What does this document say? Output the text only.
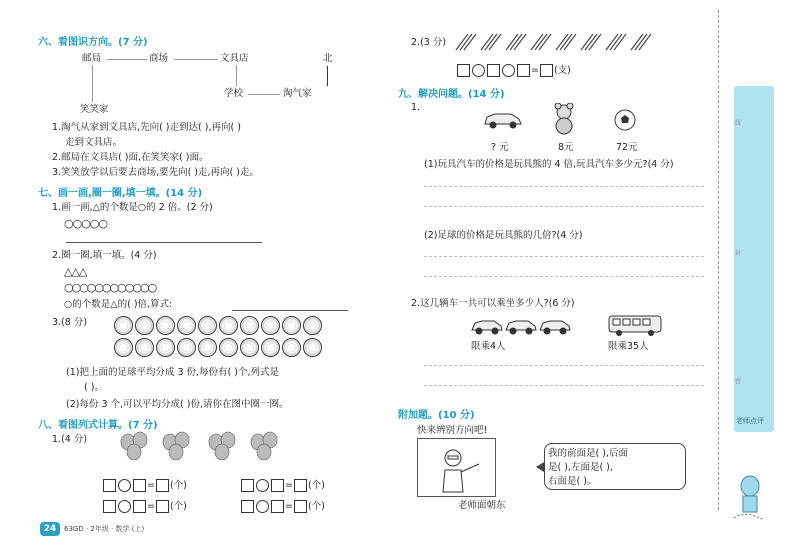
六、看图识方向。(7 分)
邮局	商场	文具店
学校	淘气家
笑笑家
北
1.淘气从家到文具店,先向( )走到达( ),再向( )
走到文具店。
2.邮局在文具店( )面,在笑笑家( )面。
3.笑笑放学以后要去商场,要先向( )走,再向( )走。
七、画一画,圈一圈,填一填。(14 分)
1.画一画,△的个数是○的 2 倍。(2 分)
○○○○○
2.圈一圈,填一填。(4 分)
△△△
○○○○○○○○○○○○
○的个数是△的( )倍,算式:
3.(8 分)
(1)把上面的足球平均分成 3 份,每份有( )个,列式是
( )。
(2)每份 3 个,可以平均分成( )份,请你在图中圈一圈。
八、看图列式计算。(7 分)
1.(4 分)
= (个)	= (个)
= (个)	= (个)
24	63GD · 2年级 · 数学 (上)
2.(3 分)
= (支)
九、解决问题。(14 分)
1.
? 元	8元	72元
(1)玩具汽车的价格是玩具熊的 4 倍,玩具汽车多少元?(4 分)
(2)足球的价格是玩具熊的几倍?(4 分)
2.这几辆车一共可以乘坐多少人?(6 分)
限乘4人	限乘35人
附加题。(10 分)
快来辨别方向吧!
老师面朝东
我的前面是( ),后面
是( ),左面是( ),
右面是( )。
老师点评
线
封
密
